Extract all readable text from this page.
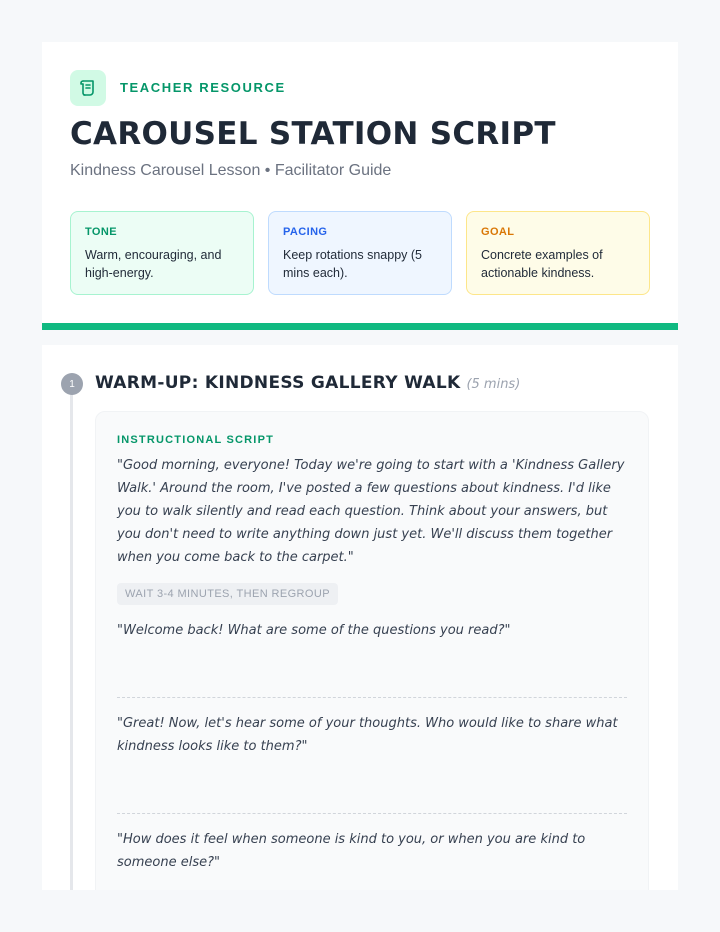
TEACHER RESOURCE
CAROUSEL STATION SCRIPT
Kindness Carousel Lesson • Facilitator Guide
TONE
Warm, encouraging, and high-energy.
PACING
Keep rotations snappy (5 mins each).
GOAL
Concrete examples of actionable kindness.
1	WARM-UP: KINDNESS GALLERY WALK (5 mins)
INSTRUCTIONAL SCRIPT
"Good morning, everyone! Today we're going to start with a 'Kindness Gallery Walk.' Around the room, I've posted a few questions about kindness. I'd like you to walk silently and read each question. Think about your answers, but you don't need to write anything down just yet. We'll discuss them together when you come back to the carpet."
WAIT 3-4 MINUTES, THEN REGROUP
"Welcome back! What are some of the questions you read?"
"Great! Now, let's hear some of your thoughts. Who would like to share what kindness looks like to them?"
"How does it feel when someone is kind to you, or when you are kind to someone else?"
